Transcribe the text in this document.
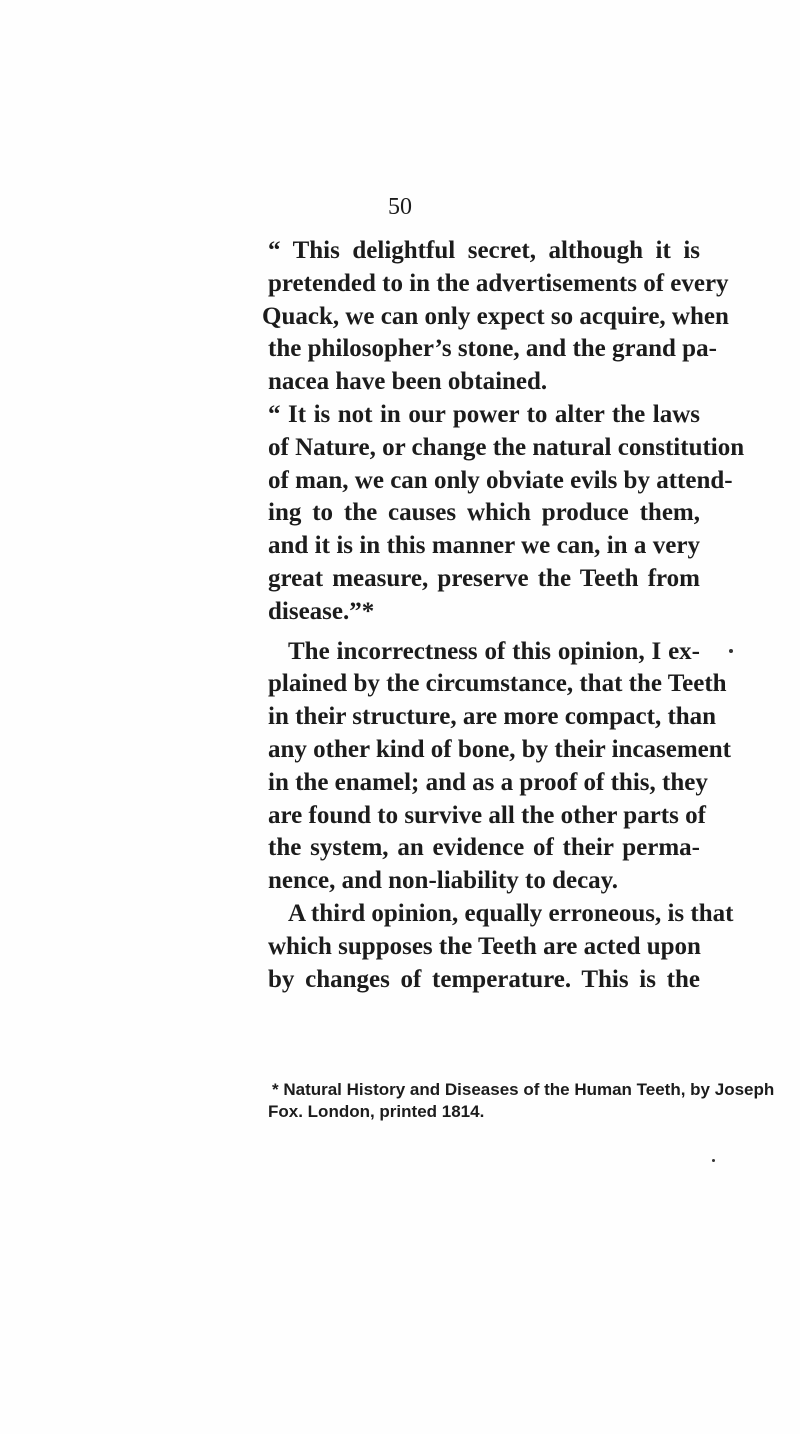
50

“ This delightful secret, although it is
pretended to in the advertisements of every
Quack, we can only expect so acquire, when
the philosopher’s stone, and the grand pa-
nacea have been obtained.

“ It is not in our power to alter the laws
of Nature, or change the natural constitution
of man, we can only obviate evils by attend-
ing to the causes which produce them,
and it is in this manner we can, in a very
great measure, preserve the Teeth from
disease.”*

The incorrectness of this opinion, I ex-
plained by the circumstance, that the Teeth
in their structure, are more compact, than
any other kind of bone, by their incasement
in the enamel; and as a proof of this, they
are found to survive all the other parts of
the system, an evidence of their perma-
nence, and non-liability to decay.

A third opinion, equally erroneous, is that
which supposes the Teeth are acted upon
by changes of temperature. This is the

* Natural History and Diseases of the Human Teeth, by Joseph
Fox. London, printed 1814.
